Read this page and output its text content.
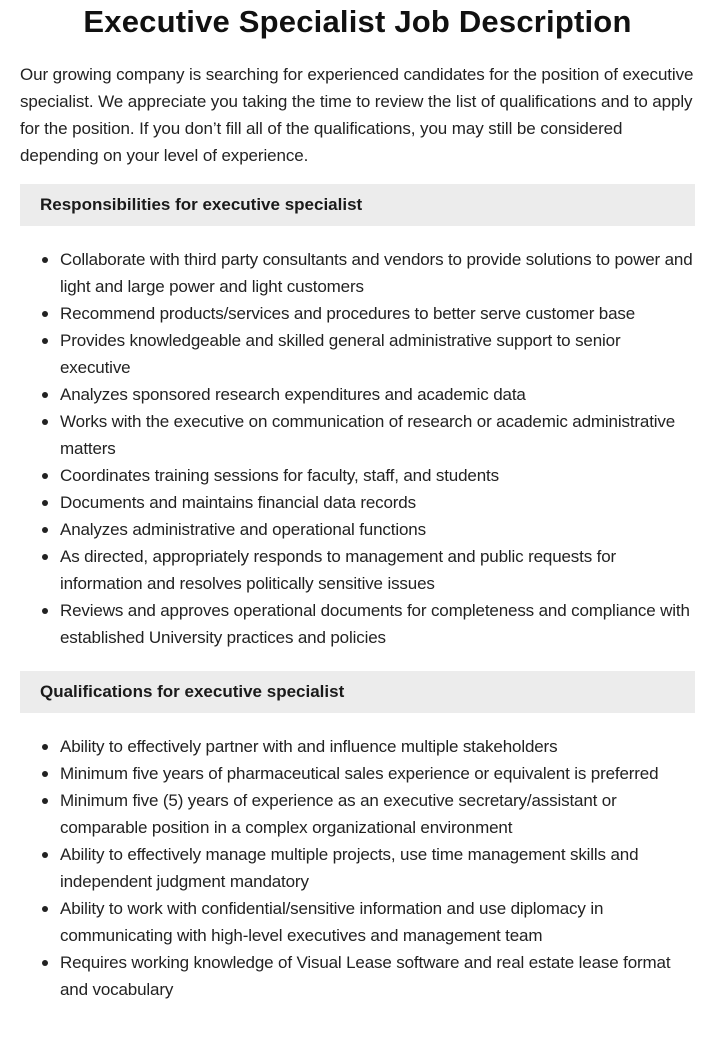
Executive Specialist Job Description

Our growing company is searching for experienced candidates for the position of executive specialist. We appreciate you taking the time to review the list of qualifications and to apply for the position. If you don’t fill all of the qualifications, you may still be considered depending on your level of experience.

Responsibilities for executive specialist
Collaborate with third party consultants and vendors to provide solutions to power and light and large power and light customers
Recommend products/services and procedures to better serve customer base
Provides knowledgeable and skilled general administrative support to senior executive
Analyzes sponsored research expenditures and academic data
Works with the executive on communication of research or academic administrative matters
Coordinates training sessions for faculty, staff, and students
Documents and maintains financial data records
Analyzes administrative and operational functions
As directed, appropriately responds to management and public requests for information and resolves politically sensitive issues
Reviews and approves operational documents for completeness and compliance with established University practices and policies
Qualifications for executive specialist
Ability to effectively partner with and influence multiple stakeholders
Minimum five years of pharmaceutical sales experience or equivalent is preferred
Minimum five (5) years of experience as an executive secretary/assistant or comparable position in a complex organizational environment
Ability to effectively manage multiple projects, use time management skills and independent judgment mandatory
Ability to work with confidential/sensitive information and use diplomacy in communicating with high-level executives and management team
Requires working knowledge of Visual Lease software and real estate lease format and vocabulary
